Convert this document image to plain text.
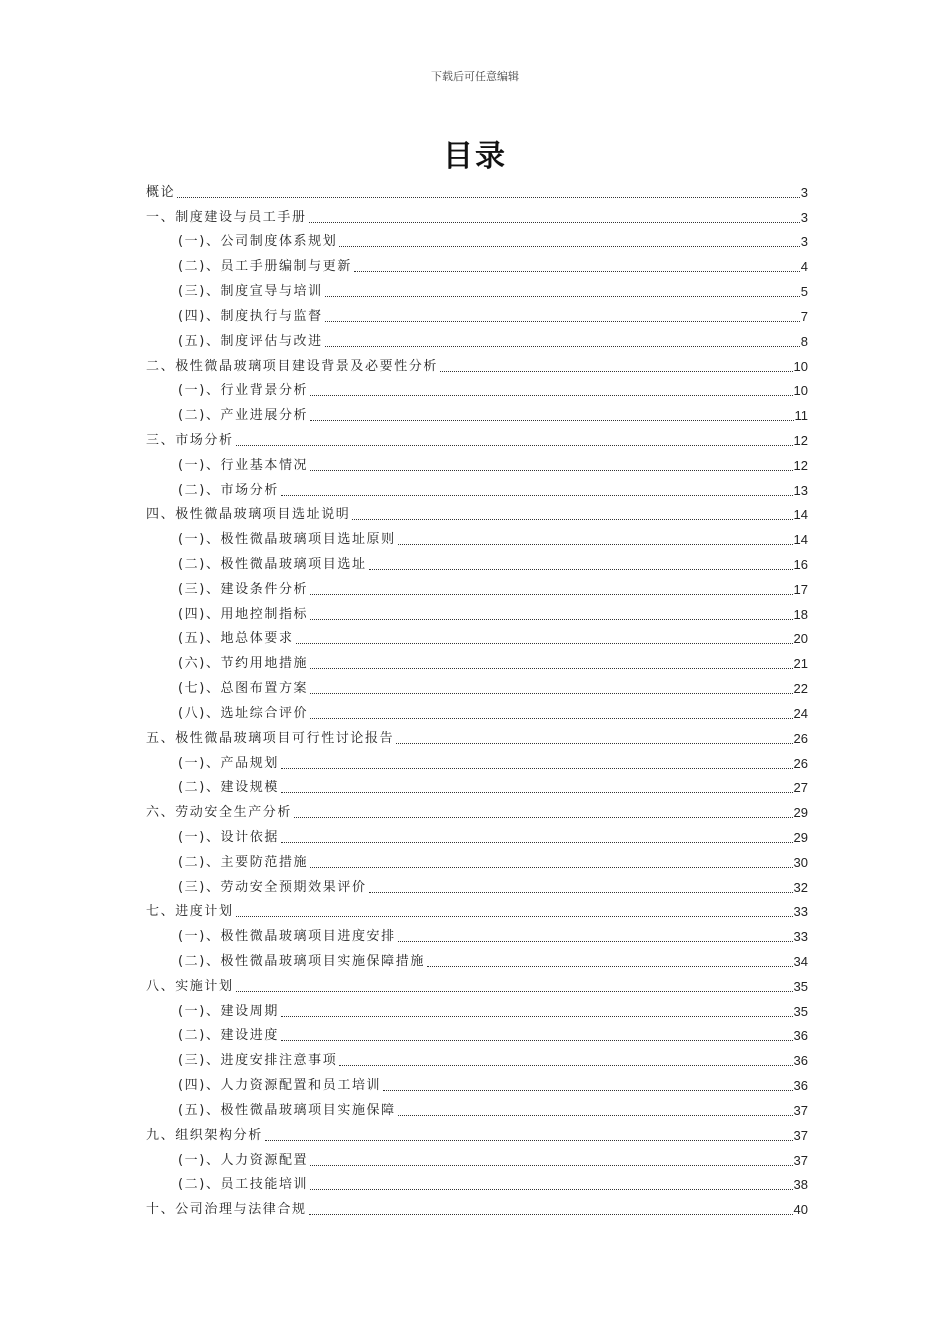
下载后可任意编辑
目录
概论	3
一、制度建设与员工手册	3
(一)、公司制度体系规划	3
(二)、员工手册编制与更新	4
(三)、制度宣导与培训	5
(四)、制度执行与监督	7
(五)、制度评估与改进	8
二、极性微晶玻璃项目建设背景及必要性分析	10
(一)、行业背景分析	10
(二)、产业进展分析	11
三、市场分析	12
(一)、行业基本情况	12
(二)、市场分析	13
四、极性微晶玻璃项目选址说明	14
(一)、极性微晶玻璃项目选址原则	14
(二)、极性微晶玻璃项目选址	16
(三)、建设条件分析	17
(四)、用地控制指标	18
(五)、地总体要求	20
(六)、节约用地措施	21
(七)、总图布置方案	22
(八)、选址综合评价	24
五、极性微晶玻璃项目可行性讨论报告	26
(一)、产品规划	26
(二)、建设规模	27
六、劳动安全生产分析	29
(一)、设计依据	29
(二)、主要防范措施	30
(三)、劳动安全预期效果评价	32
七、进度计划	33
(一)、极性微晶玻璃项目进度安排	33
(二)、极性微晶玻璃项目实施保障措施	34
八、实施计划	35
(一)、建设周期	35
(二)、建设进度	36
(三)、进度安排注意事项	36
(四)、人力资源配置和员工培训	36
(五)、极性微晶玻璃项目实施保障	37
九、组织架构分析	37
(一)、人力资源配置	37
(二)、员工技能培训	38
十、公司治理与法律合规	40
